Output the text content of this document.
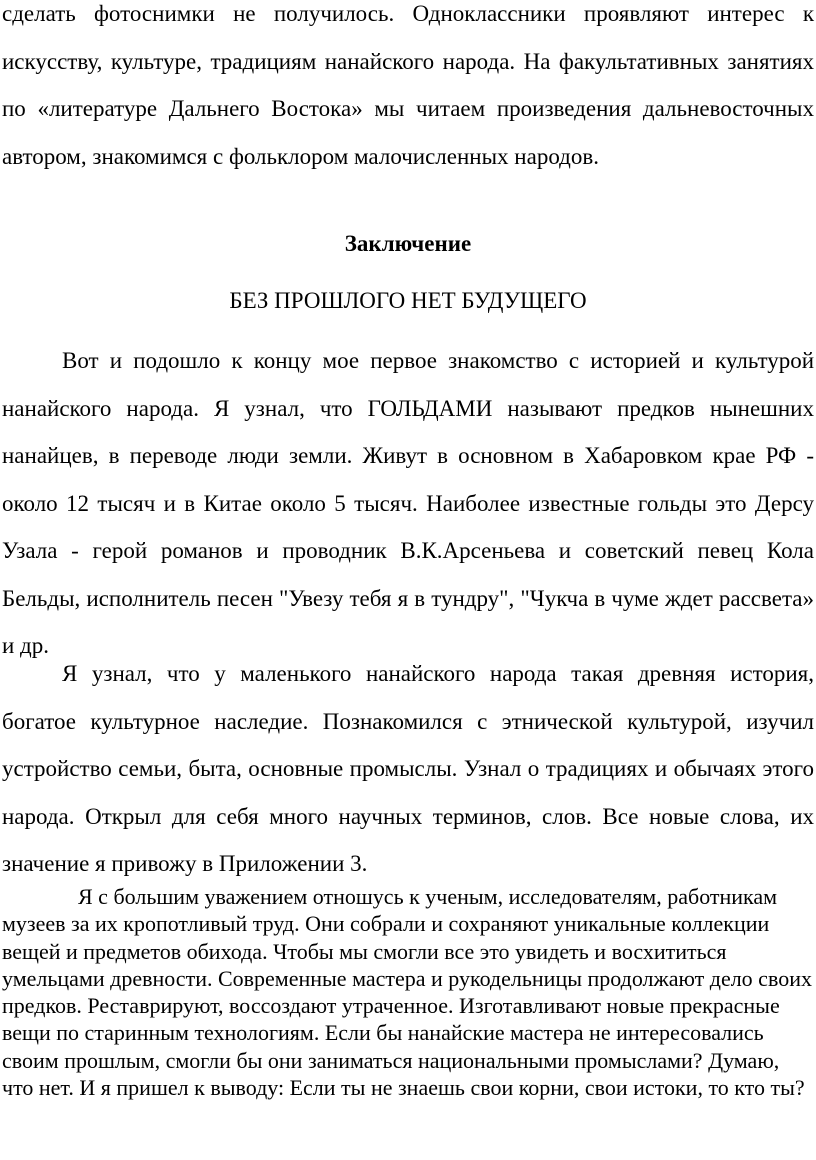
сделать фотоснимки не получилось. Одноклассники проявляют интерес к искусству, культуре, традициям нанайского народа. На факультативных занятиях по «литературе Дальнего Востока» мы читаем произведения дальневосточных автором, знакомимся с фольклором малочисленных народов.

Заключение

БЕЗ ПРОШЛОГО НЕТ БУДУЩЕГО

Вот и подошло к концу мое первое знакомство с историей и культурой нанайского народа. Я узнал, что ГОЛЬДАМИ называют предков нынешних нанайцев, в переводе люди земли. Живут в основном в Хабаровком крае РФ - около 12 тысяч и в Китае около 5 тысяч. Наиболее известные гольды это Дерсу Узала - герой романов и проводник В.К.Арсеньева и советский певец Кола Бельды, исполнитель песен "Увезу тебя я в тундру", "Чукча в чуме ждет рассвета» и др.

Я узнал, что у маленького нанайского народа такая древняя история, богатое культурное наследие. Познакомился с этнической культурой, изучил устройство семьи, быта, основные промыслы. Узнал о традициях и обычаях этого народа. Открыл для себя много научных терминов, слов. Все новые слова, их значение я привожу в Приложении 3.

Я с большим уважением отношусь к ученым, исследователям, работникам музеев за их кропотливый труд. Они собрали и сохраняют уникальные коллекции вещей и предметов обихода. Чтобы мы смогли все это увидеть и восхититься умельцами древности. Современные мастера и рукодельницы продолжают дело своих предков. Реставрируют, воссоздают утраченное. Изготавливают новые прекрасные вещи по старинным технологиям. Если бы нанайские мастера не интересовались своим прошлым, смогли бы они заниматься национальными промыслами? Думаю, что нет. И я пришел к выводу: Если ты не знаешь свои корни, свои истоки, то кто ты?
